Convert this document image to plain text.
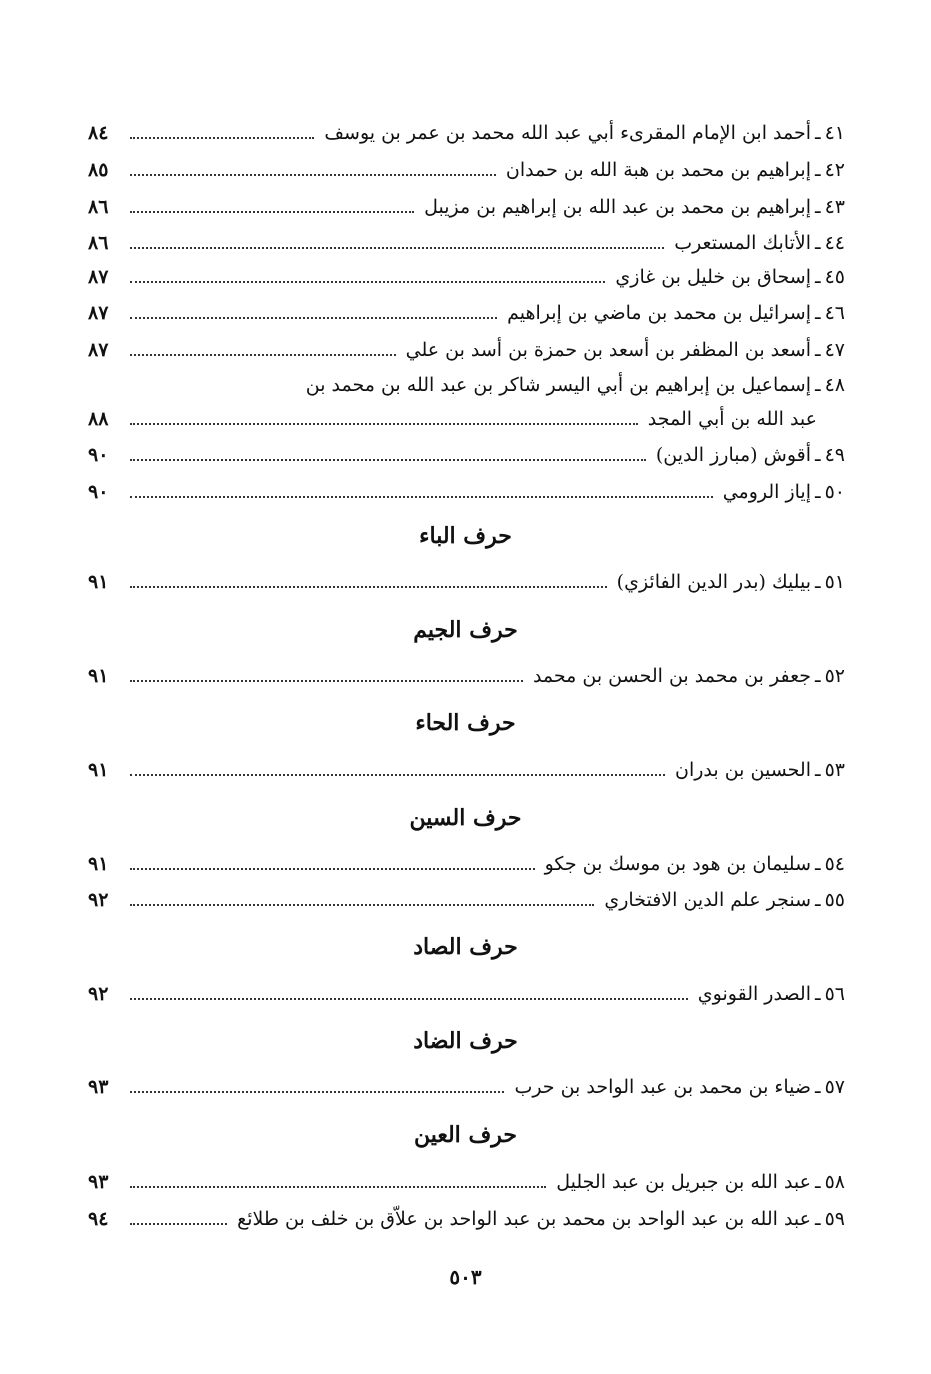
٤١
ـ
أحمد ابن الإمام المقرىء أبي عبد الله محمد بن عمر بن يوسف
٨٤
٤٢
ـ
إبراهيم بن محمد بن هبة الله بن حمدان
٨٥
٤٣
ـ
إبراهيم بن محمد بن عبد الله بن إبراهيم بن مزيبل
٨٦
٤٤
ـ
الأتابك المستعرب
٨٦
٤٥
ـ
إسحاق بن خليل بن غازي
٨٧
٤٦
ـ
إسرائيل بن محمد بن ماضي بن إبراهيم
٨٧
٤٧
ـ
أسعد بن المظفر بن أسعد بن حمزة بن أسد بن علي
٨٧
٤٨
ـ
إسماعيل بن إبراهيم بن أبي اليسر شاكر بن عبد الله بن محمد بن
عبد الله بن أبي المجد
٨٨
٤٩
ـ
أقوش (مبارز الدين)
٩٠
٥٠
ـ
إياز الرومي
٩٠
حرف الباء
٥١
ـ
بيليك (بدر الدين الفائزي)
٩١
حرف الجيم
٥٢
ـ
جعفر بن محمد بن الحسن بن محمد
٩١
حرف الحاء
٥٣
ـ
الحسين بن بدران
٩١
حرف السين
٥٤
ـ
سليمان بن هود بن موسك بن جكو
٩١
٥٥
ـ
سنجر علم الدين الافتخاري
٩٢
حرف الصاد
٥٦
ـ
الصدر القونوي
٩٢
حرف الضاد
٥٧
ـ
ضياء بن محمد بن عبد الواحد بن حرب
٩٣
حرف العين
٥٨
ـ
عبد الله بن جبريل بن عبد الجليل
٩٣
٥٩
ـ
عبد الله بن عبد الواحد بن محمد بن عبد الواحد بن علاّق بن خلف بن طلائع
٩٤
٥٠٣
